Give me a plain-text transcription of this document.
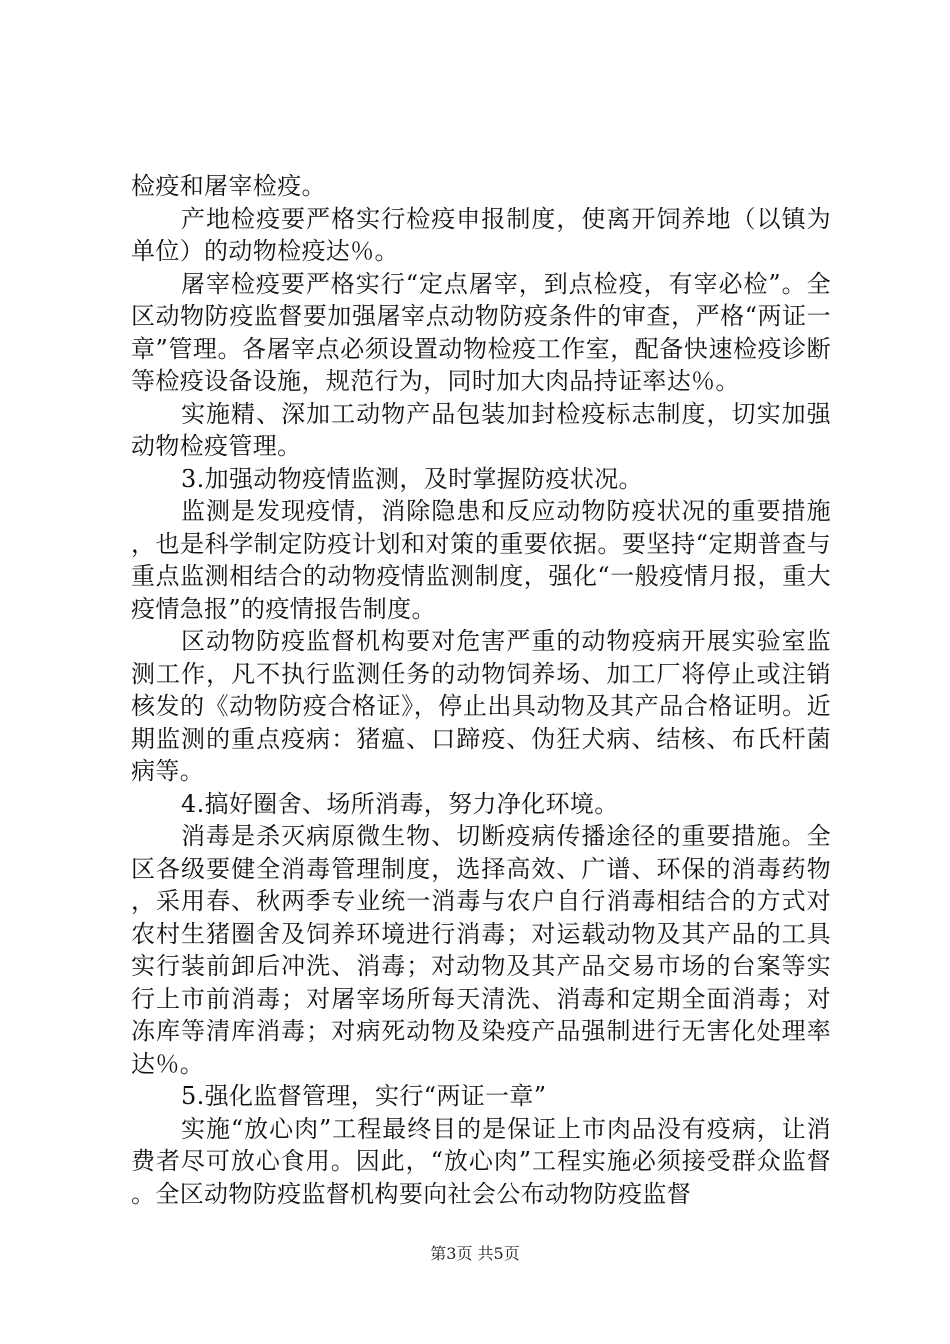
检疫和屠宰检疫。

产地检疫要严格实行检疫申报制度，使离开饲养地（以镇为单位）的动物检疫达％。

屠宰检疫要严格实行“定点屠宰，到点检疫，有宰必检”。全区动物防疫监督要加强屠宰点动物防疫条件的审查，严格“两证一章”管理。各屠宰点必须设置动物检疫工作室，配备快速检疫诊断等检疫设备设施，规范行为，同时加大肉品持证率达％。

实施精、深加工动物产品包装加封检疫标志制度，切实加强动物检疫管理。

3.加强动物疫情监测，及时掌握防疫状况。

监测是发现疫情，消除隐患和反应动物防疫状况的重要措施，也是科学制定防疫计划和对策的重要依据。要坚持“定期普查与重点监测相结合的动物疫情监测制度，强化“一般疫情月报，重大疫情急报”的疫情报告制度。

区动物防疫监督机构要对危害严重的动物疫病开展实验室监测工作，凡不执行监测任务的动物饲养场、加工厂将停止或注销核发的《动物防疫合格证》，停止出具动物及其产品合格证明。近期监测的重点疫病：猪瘟、口蹄疫、伪狂犬病、结核、布氏杆菌病等。

4.搞好圈舍、场所消毒，努力净化环境。

消毒是杀灭病原微生物、切断疫病传播途径的重要措施。全区各级要健全消毒管理制度，选择高效、广谱、环保的消毒药物，采用春、秋两季专业统一消毒与农户自行消毒相结合的方式对农村生猪圈舍及饲养环境进行消毒；对运载动物及其产品的工具实行装前卸后冲洗、消毒；对动物及其产品交易市场的台案等实行上市前消毒；对屠宰场所每天清洗、消毒和定期全面消毒；对冻库等清库消毒；对病死动物及染疫产品强制进行无害化处理率达％。

5.强化监督管理，实行“两证一章”

实施“放心肉”工程最终目的是保证上市肉品没有疫病，让消费者尽可放心食用。因此，“放心肉”工程实施必须接受群众监督。全区动物防疫监督机构要向社会公布动物防疫监督

第3页 共5页
